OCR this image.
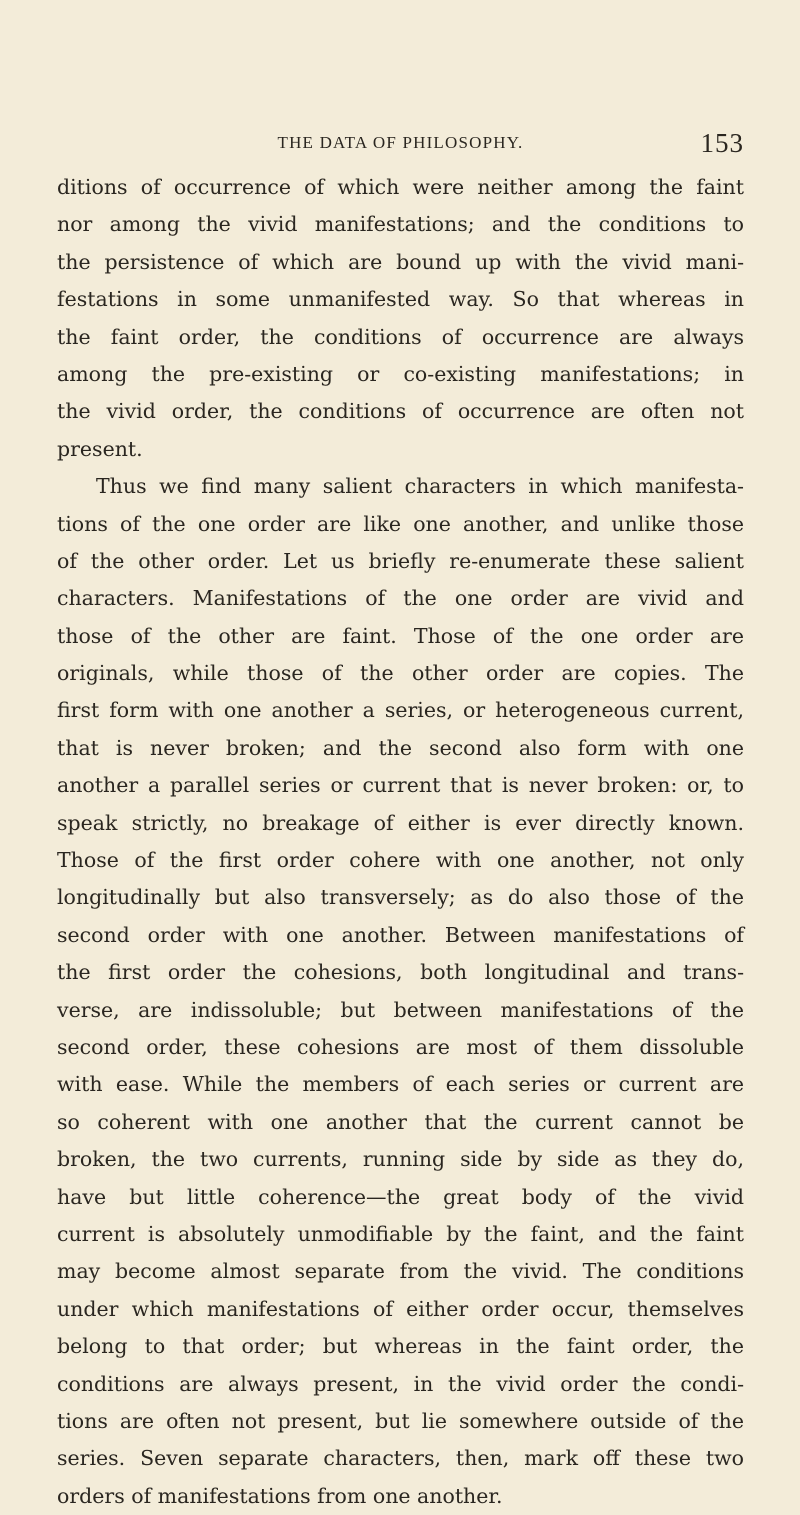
THE DATA OF PHILOSOPHY.	153
ditions of occurrence of which were neither among the faint
nor among the vivid manifestations; and the conditions to
the persistence of which are bound up with the vivid mani-
festations in some unmanifested way. So that whereas in
the faint order, the conditions of occurrence are always
among the pre-existing or co-existing manifestations; in
the vivid order, the conditions of occurrence are often not
present.
Thus we find many salient characters in which manifesta-
tions of the one order are like one another, and unlike those
of the other order. Let us briefly re-enumerate these salient
characters. Manifestations of the one order are vivid and
those of the other are faint. Those of the one order are
originals, while those of the other order are copies. The
first form with one another a series, or heterogeneous current,
that is never broken; and the second also form with one
another a parallel series or current that is never broken: or, to
speak strictly, no breakage of either is ever directly known.
Those of the first order cohere with one another, not only
longitudinally but also transversely; as do also those of the
second order with one another. Between manifestations of
the first order the cohesions, both longitudinal and trans-
verse, are indissoluble; but between manifestations of the
second order, these cohesions are most of them dissoluble
with ease. While the members of each series or current are
so coherent with one another that the current cannot be
broken, the two currents, running side by side as they do,
have but little coherence—the great body of the vivid
current is absolutely unmodifiable by the faint, and the faint
may become almost separate from the vivid. The conditions
under which manifestations of either order occur, themselves
belong to that order; but whereas in the faint order, the
conditions are always present, in the vivid order the condi-
tions are often not present, but lie somewhere outside of the
series. Seven separate characters, then, mark off these two
orders of manifestations from one another.
